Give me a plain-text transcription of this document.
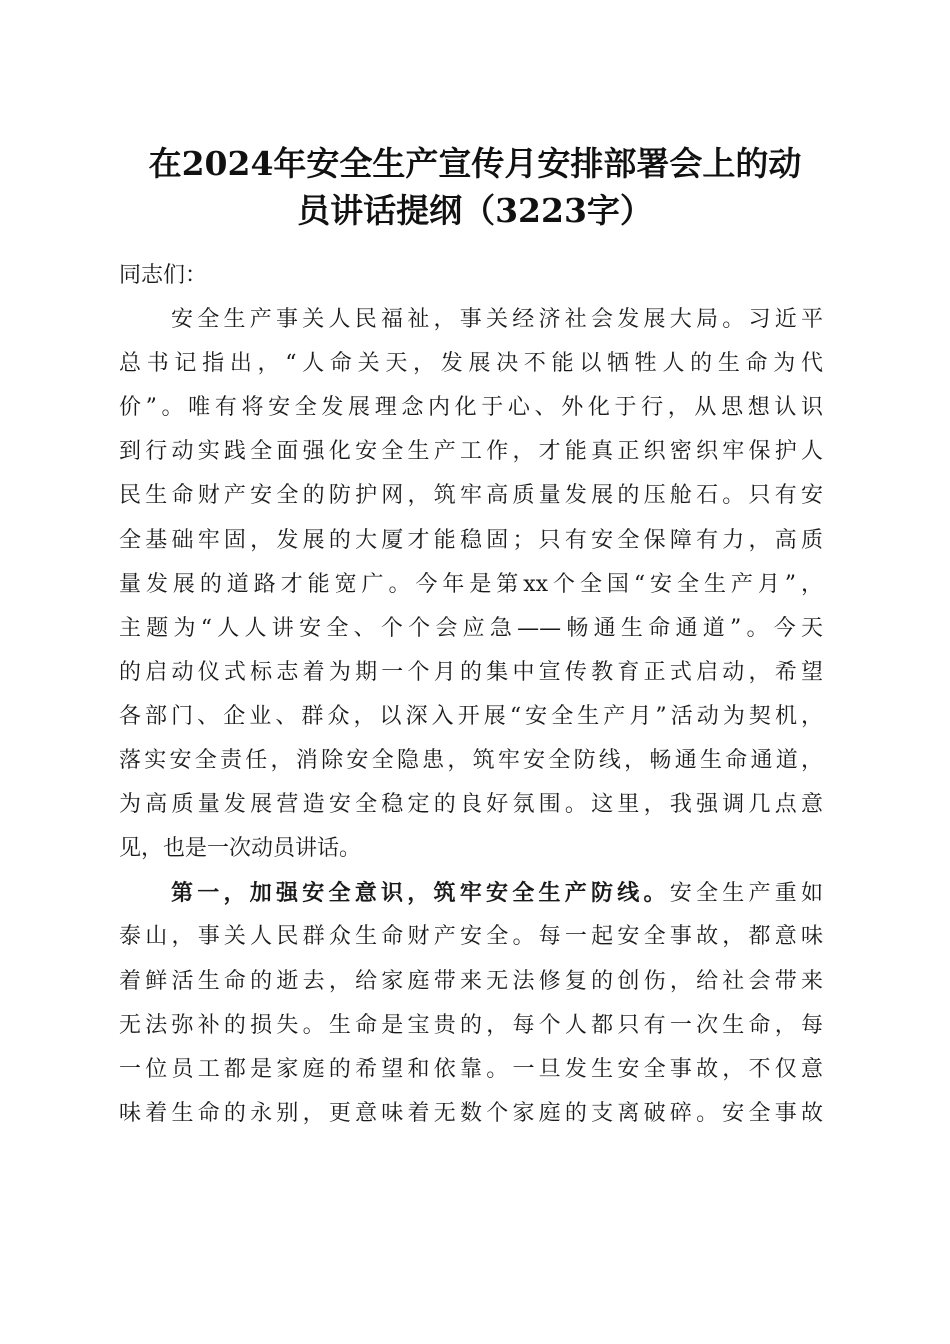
在2024年安全生产宣传月安排部署会上的动
员讲话提纲（3223字）
同志们：
安全生产事关人民福祉，事关经济社会发展大局。习近平
总书记指出，“人命关天，发展决不能以牺牲人的生命为代
价”。唯有将安全发展理念内化于心、外化于行，从思想认识
到行动实践全面强化安全生产工作，才能真正织密织牢保护人
民生命财产安全的防护网，筑牢高质量发展的压舱石。只有安
全基础牢固，发展的大厦才能稳固；只有安全保障有力，高质
量发展的道路才能宽广。今年是第xx个全国“安全生产月”，
主题为“人人讲安全、个个会应急——畅通生命通道”。今天
的启动仪式标志着为期一个月的集中宣传教育正式启动，希望
各部门、企业、群众，以深入开展“安全生产月”活动为契机，
落实安全责任，消除安全隐患，筑牢安全防线，畅通生命通道，
为高质量发展营造安全稳定的良好氛围。这里，我强调几点意
见，也是一次动员讲话。
第一，加强安全意识，筑牢安全生产防线。安全生产重如
泰山，事关人民群众生命财产安全。每一起安全事故，都意味
着鲜活生命的逝去，给家庭带来无法修复的创伤，给社会带来
无法弥补的损失。生命是宝贵的，每个人都只有一次生命，每
一位员工都是家庭的希望和依靠。一旦发生安全事故，不仅意
味着生命的永别，更意味着无数个家庭的支离破碎。安全事故
